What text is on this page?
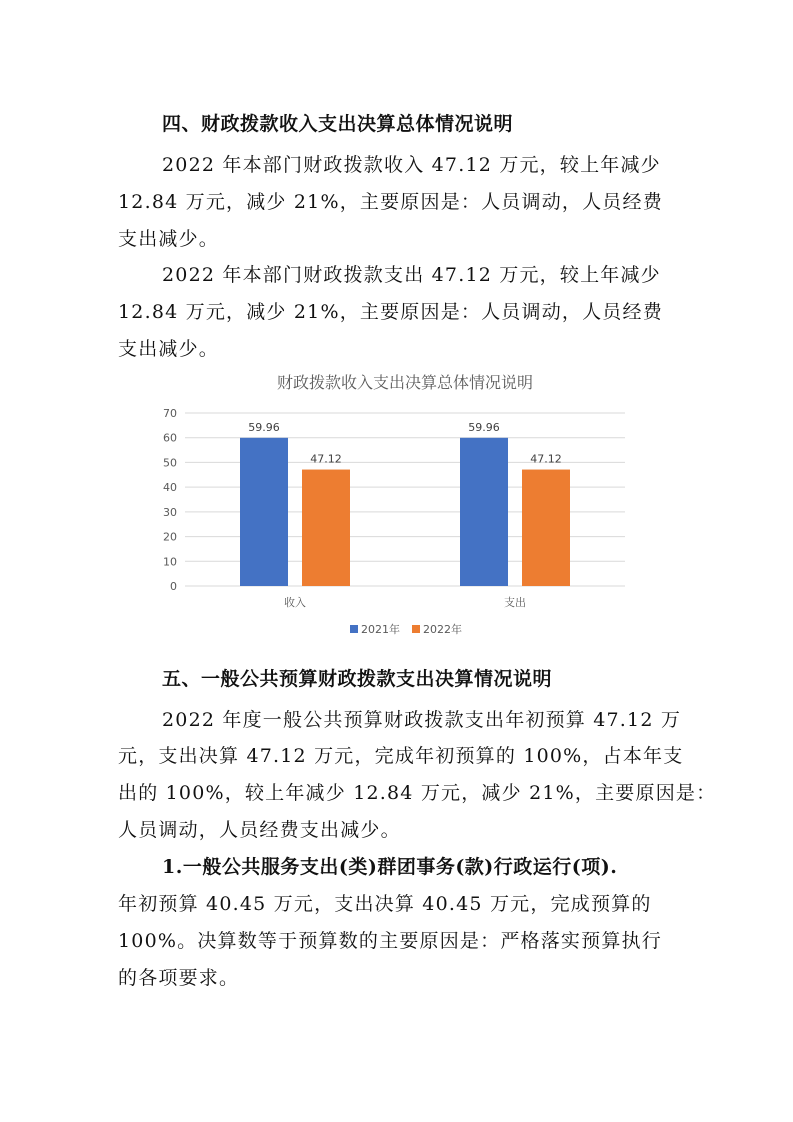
四、财政拨款收入支出决算总体情况说明
2022 年本部门财政拨款收入 47.12 万元，较上年减少
12.84 万元，减少 21%，主要原因是：人员调动，人员经费
支出减少。
2022 年本部门财政拨款支出 47.12 万元，较上年减少
12.84 万元，减少 21%，主要原因是：人员调动，人员经费
支出减少。
财政拨款收入支出决算总体情况说明
0
10
20
30
40
50
60
70
59.96
47.12
收入
59.96
47.12
支出
2021年 2022年
五、一般公共预算财政拨款支出决算情况说明
2022 年度一般公共预算财政拨款支出年初预算 47.12 万
元，支出决算 47.12 万元，完成年初预算的 100%，占本年支
出的 100%，较上年减少 12.84 万元，减少 21%，主要原因是：
人员调动，人员经费支出减少。
1.一般公共服务支出(类)群团事务(款)行政运行(项).
年初预算 40.45 万元，支出决算 40.45 万元，完成预算的
100%。决算数等于预算数的主要原因是：严格落实预算执行
的各项要求。
